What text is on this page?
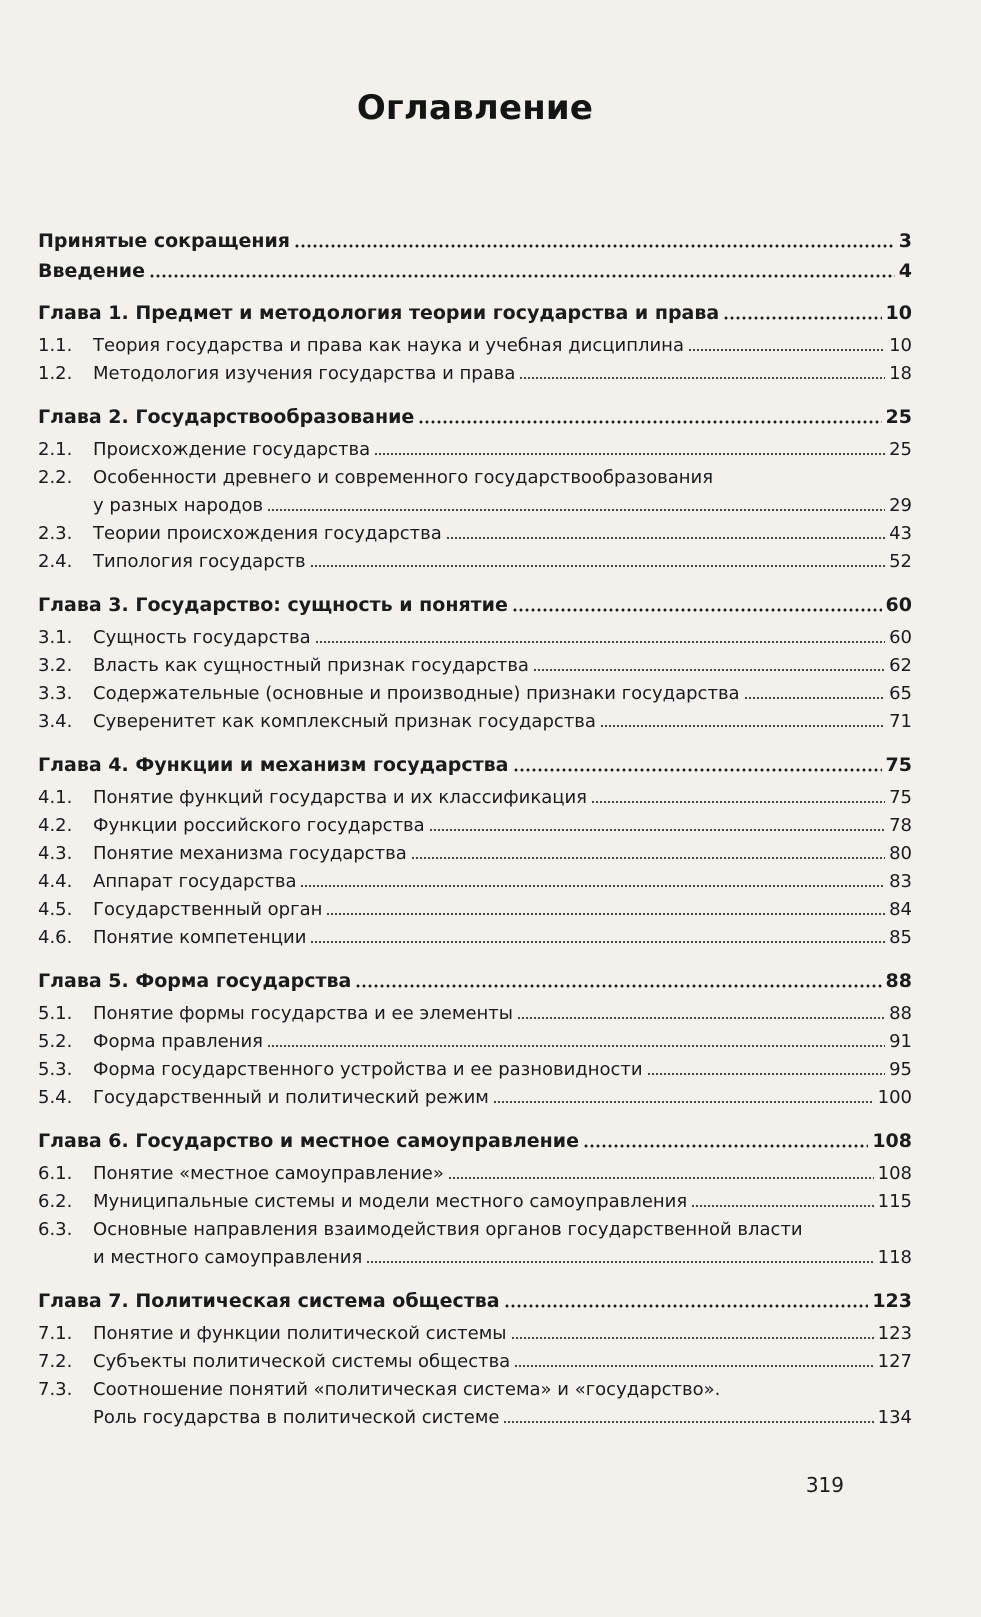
Оглавление
Принятые сокращения	3
Введение	4
Глава 1. Предмет и методология теории государства и права	10
1.1.	Теория государства и права как наука и учебная дисциплина	10
1.2.	Методология изучения государства и права	18
Глава 2. Государствообразование	25
2.1.	Происхождение государства	25
2.2.	Особенности древнего и современного государствообразования
у разных народов	29
2.3.	Теории происхождения государства	43
2.4.	Типология государств	52
Глава 3. Государство: сущность и понятие	60
3.1.	Сущность государства	60
3.2.	Власть как сущностный признак государства	62
3.3.	Содержательные (основные и производные) признаки государства	65
3.4.	Суверенитет как комплексный признак государства	71
Глава 4. Функции и механизм государства	75
4.1.	Понятие функций государства и их классификация	75
4.2.	Функции российского государства	78
4.3.	Понятие механизма государства	80
4.4.	Аппарат государства	83
4.5.	Государственный орган	84
4.6.	Понятие компетенции	85
Глава 5. Форма государства	88
5.1.	Понятие формы государства и ее элементы	88
5.2.	Форма правления	91
5.3.	Форма государственного устройства и ее разновидности	95
5.4.	Государственный и политический режим	100
Глава 6. Государство и местное самоуправление	108
6.1.	Понятие «местное самоуправление»	108
6.2.	Муниципальные системы и модели местного самоуправления	115
6.3.	Основные направления взаимодействия органов государственной власти
и местного самоуправления	118
Глава 7. Политическая система общества	123
7.1.	Понятие и функции политической системы	123
7.2.	Субъекты политической системы общества	127
7.3.	Соотношение понятий «политическая система» и «государство».
Роль государства в политической системе	134
319
